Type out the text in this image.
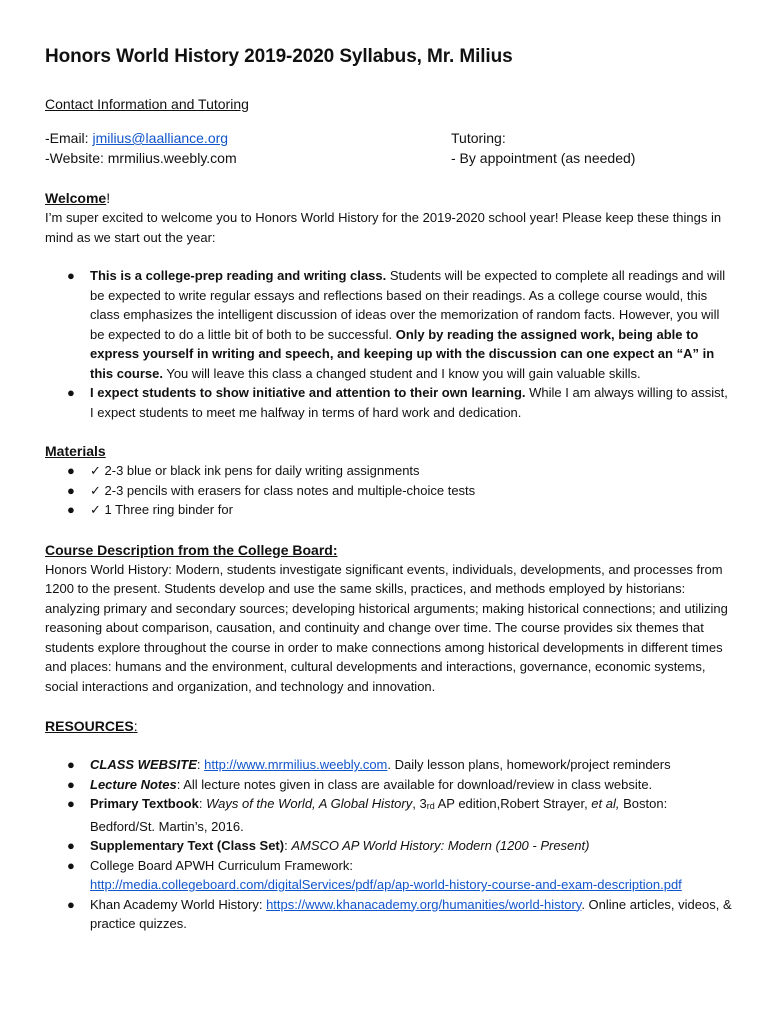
Honors World History 2019-2020 Syllabus, Mr. Milius
Contact Information and Tutoring
-Email: jmilius@laalliance.org
-Website: mrmilius.weebly.com
Tutoring:
- By appointment (as needed)
Welcome!
I’m super excited to welcome you to Honors World History for the 2019-2020 school year! Please keep these things in mind as we start out the year:
● This is a college-prep reading and writing class. Students will be expected to complete all readings and will be expected to write regular essays and reflections based on their readings. As a college course would, this class emphasizes the intelligent discussion of ideas over the memorization of random facts. However, you will be expected to do a little bit of both to be successful. Only by reading the assigned work, being able to express yourself in writing and speech, and keeping up with the discussion can one expect an “A” in this course. You will leave this class a changed student and I know you will gain valuable skills.
● I expect students to show initiative and attention to their own learning. While I am always willing to assist, I expect students to meet me halfway in terms of hard work and dedication.
Materials
● ✓ 2-3 blue or black ink pens for daily writing assignments
● ✓ 2-3 pencils with erasers for class notes and multiple-choice tests
● ✓ 1 Three ring binder for
Course Description from the College Board:
Honors World History: Modern, students investigate significant events, individuals, developments, and processes from 1200 to the present. Students develop and use the same skills, practices, and methods employed by historians: analyzing primary and secondary sources; developing historical arguments; making historical connections; and utilizing reasoning about comparison, causation, and continuity and change over time. The course provides six themes that students explore throughout the course in order to make connections among historical developments in different times and places: humans and the environment, cultural developments and interactions, governance, economic systems, social interactions and organization, and technology and innovation.
RESOURCES:
● CLASS WEBSITE: http://www.mrmilius.weebly.com. Daily lesson plans, homework/project reminders
● Lecture Notes: All lecture notes given in class are available for download/review in class website.
● Primary Textbook: Ways of the World, A Global History, 3rd AP edition,Robert Strayer, et al, Boston: Bedford/St. Martin’s, 2016.
● Supplementary Text (Class Set): AMSCO AP World History: Modern (1200 - Present)
● College Board APWH Curriculum Framework:
http://media.collegeboard.com/digitalServices/pdf/ap/ap-world-history-course-and-exam-description.pdf
● Khan Academy World History: https://www.khanacademy.org/humanities/world-history. Online articles, videos, & practice quizzes.
